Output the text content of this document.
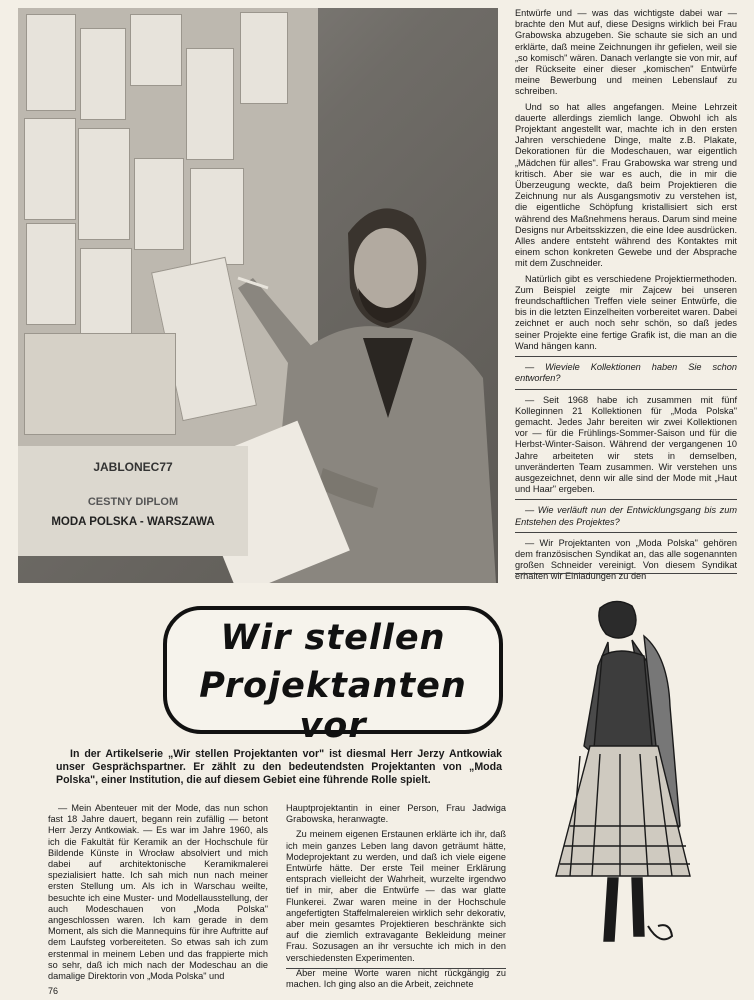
JABLONEC77
CESTNY DIPLOM
MODA POLSKA - WARSZAWA

Entwürfe und — was das wichtigste dabei war — brachte den Mut auf, diese Designs wirklich bei Frau Grabowska abzugeben. Sie schaute sie sich an und erklärte, daß meine Zeichnungen ihr gefielen, weil sie „so komisch" wären. Danach verlangte sie von mir, auf der Rückseite einer dieser „komischen" Entwürfe meine Bewerbung und meinen Lebenslauf zu schreiben.

Und so hat alles angefangen. Meine Lehrzeit dauerte allerdings ziemlich lange. Obwohl ich als Projektant angestellt war, machte ich in den ersten Jahren verschiedene Dinge, malte z.B. Plakate, Dekorationen für die Modeschauen, war eigentlich „Mädchen für alles". Frau Grabowska war streng und kritisch. Aber sie war es auch, die in mir die Überzeugung weckte, daß beim Projektieren die Zeichnung nur als Ausgangsmotiv zu verstehen ist, die eigentliche Schöpfung kristallisiert sich erst während des Maßnehmens heraus. Darum sind meine Designs nur Arbeitsskizzen, die eine Idee ausdrücken. Alles andere entsteht während des Kontaktes mit einem schon konkreten Gewebe und der Absprache mit dem Zuschneider.

Natürlich gibt es verschiedene Projektiermethoden. Zum Beispiel zeigte mir Zajcew bei unseren freundschaftlichen Treffen viele seiner Entwürfe, die bis in die letzten Einzelheiten vorbereitet waren. Dabei zeichnet er auch noch sehr schön, so daß jedes seiner Projekte eine fertige Grafik ist, die man an die Wand hängen kann.

— Wieviele Kollektionen haben Sie schon entworfen?

— Seit 1968 habe ich zusammen mit fünf Kolleginnen 21 Kollektionen für „Moda Polska" gemacht. Jedes Jahr bereiten wir zwei Kollektionen vor — für die Frühlings-Sommer-Saison und für die Herbst-Winter-Saison. Während der vergangenen 10 Jahre arbeiteten wir stets in demselben, unveränderten Team zusammen. Wir verstehen uns ausgezeichnet, denn wir alle sind der Mode mit „Haut und Haar" ergeben.

— Wie verläuft nun der Entwicklungsgang bis zum Entstehen des Projektes?

— Wir Projektanten von „Moda Polska" gehören dem französischen Syndikat an, das alle sogenannten großen Schneider vereinigt. Von diesem Syndikat erhalten wir Einladungen zu den

Wir stellen
Projektanten vor
In der Artikelserie „Wir stellen Projektanten vor" ist diesmal Herr Jerzy Antkowiak unser Gesprächspartner. Er zählt zu den bedeutendsten Projektanten von „Moda Polska", einer Institution, die auf diesem Gebiet eine führende Rolle spielt.

— Mein Abenteuer mit der Mode, das nun schon fast 18 Jahre dauert, begann rein zufällig — betont Herr Jerzy Antkowiak. — Es war im Jahre 1960, als ich die Fakultät für Keramik an der Hochschule für Bildende Künste in Wrocław absolviert und mich dabei auf architektonische Keramikmalerei spezialisiert hatte. Ich sah mich nun nach meiner ersten Stellung um. Als ich in Warschau weilte, besuchte ich eine Muster- und Modellausstellung, der auch Modeschauen von „Moda Polska" angeschlossen waren. Ich kam gerade in dem Moment, als sich die Mannequins für ihre Auftritte auf dem Laufsteg vorbereiteten. So etwas sah ich zum erstenmal in meinem Leben und das frappierte mich so sehr, daß ich mich nach der Modeschau an die damalige Direktorin von „Moda Polska" und

Hauptprojektantin in einer Person, Frau Jadwiga Grabowska, heranwagte.

Zu meinem eigenen Erstaunen erklärte ich ihr, daß ich mein ganzes Leben lang davon geträumt hätte, Modeprojektant zu werden, und daß ich viele eigene Entwürfe hätte. Der erste Teil meiner Erklärung entsprach vielleicht der Wahrheit, wurzelte irgendwo tief in mir, aber die Entwürfe — das war glatte Flunkerei. Zwar waren meine in der Hochschule angefertigten Staffelmalereien wirklich sehr dekorativ, aber mein gesamtes Projektieren beschränkte sich auf die ziemlich extravagante Bekleidung meiner Frau. Sozusagen an ihr versuchte ich mich in den verschiedensten Experimenten.

Aber meine Worte waren nicht rückgängig zu machen. Ich ging also an die Arbeit, zeichnete

76
